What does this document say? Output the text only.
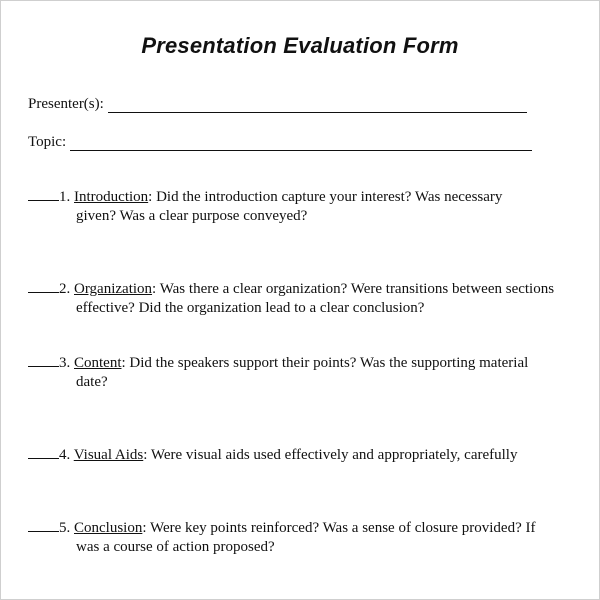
Presentation Evaluation Form
Presenter(s):
Topic:
1. Introduction: Did the introduction capture your interest? Was necessary
given? Was a clear purpose conveyed?
2. Organization: Was there a clear organization? Were transitions between sections
effective? Did the organization lead to a clear conclusion?
3. Content: Did the speakers support their points? Was the supporting material
date?
4. Visual Aids: Were visual aids used effectively and appropriately, carefully
5. Conclusion: Were key points reinforced? Was a sense of closure provided? If
was a course of action proposed?
